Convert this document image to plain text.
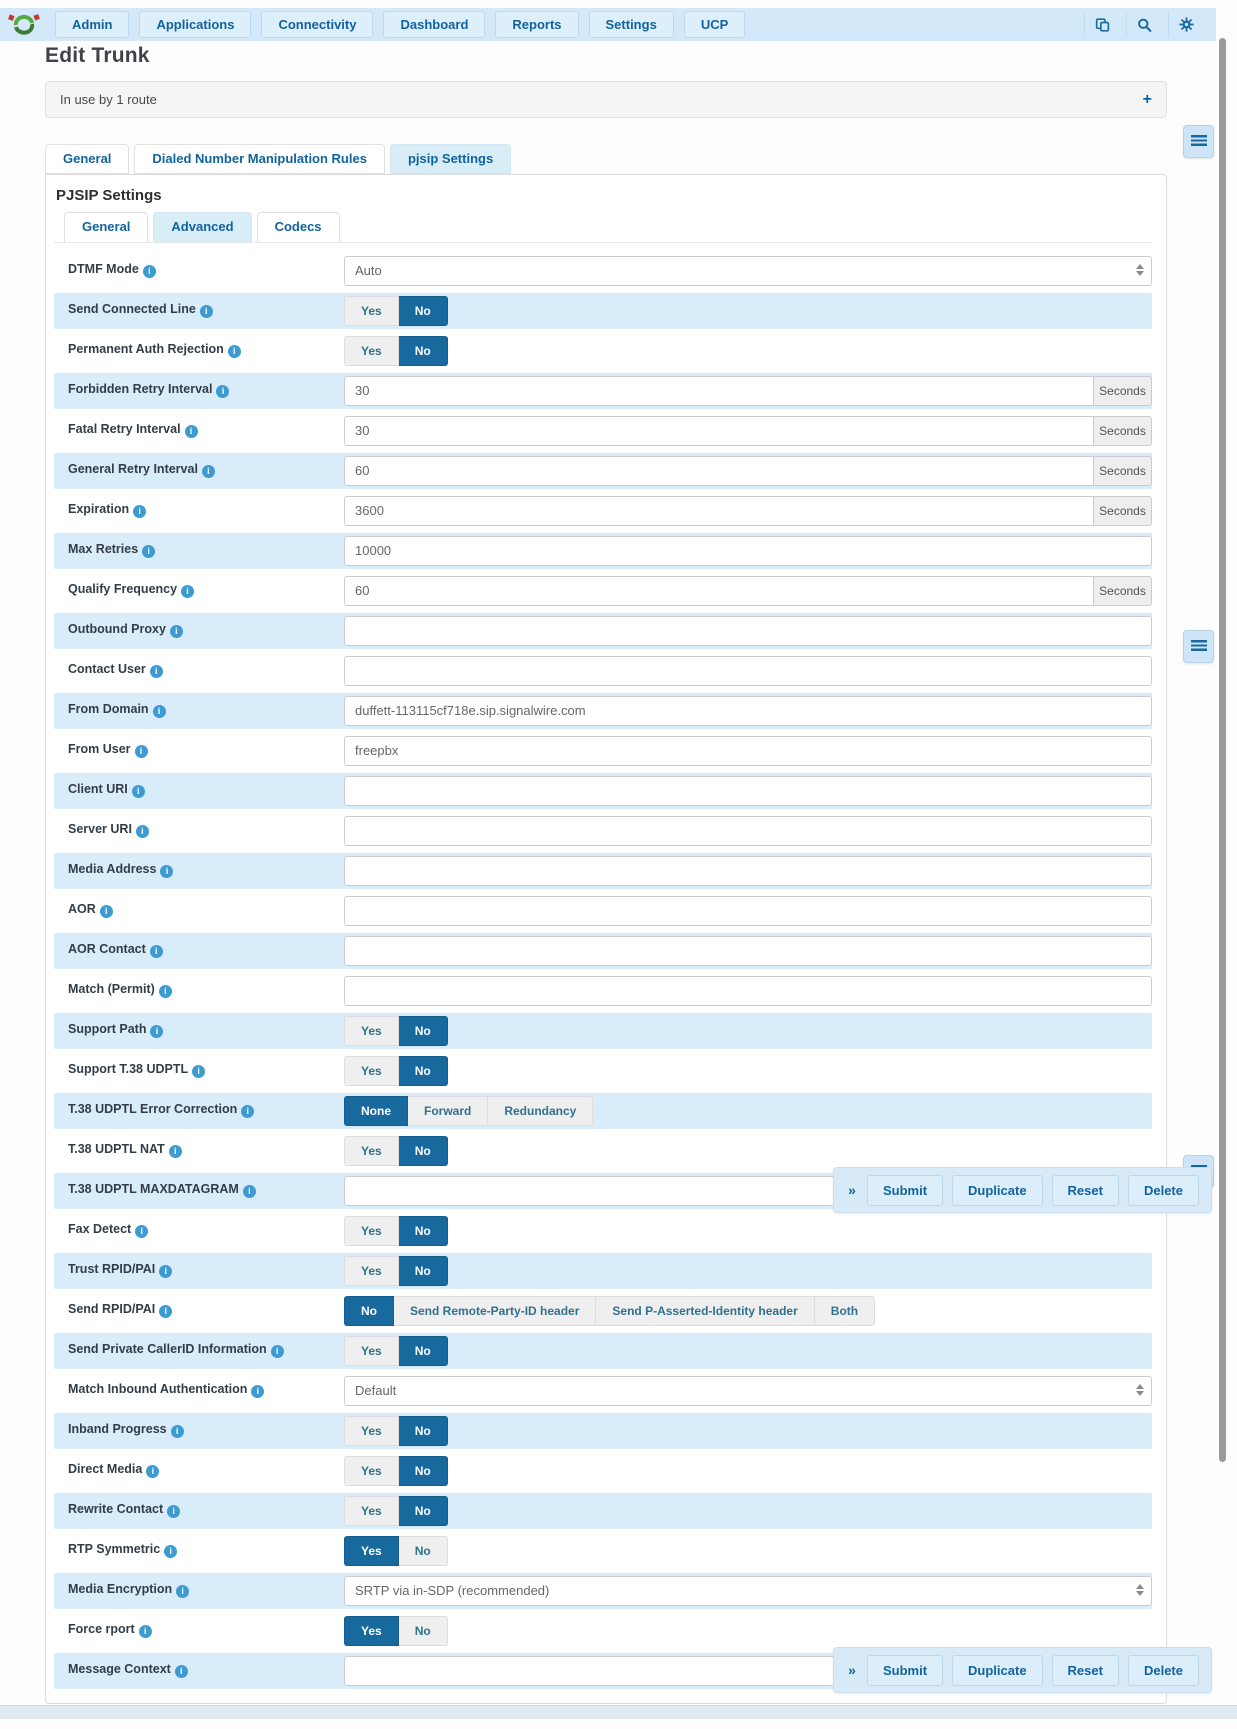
Admin	Applications	Connectivity	Dashboard	Reports	Settings	UCP
Edit Trunk
In use by 1 route	+
General	Dialed Number Manipulation Rules	pjsip Settings
PJSIP Settings
General	Advanced	Codecs
DTMF Mode i	Auto
Send Connected Line i	Yes	No
Permanent Auth Rejection i	Yes	No
Forbidden Retry Interval i	30	Seconds
Fatal Retry Interval i	30	Seconds
General Retry Interval i	60	Seconds
Expiration i	3600	Seconds
Max Retries i	10000
Qualify Frequency i	60	Seconds
Outbound Proxy i
Contact User i
From Domain i	duffett-113115cf718e.sip.signalwire.com
From User i	freepbx
Client URI i
Server URI i
Media Address i
AOR i
AOR Contact i
Match (Permit) i
Support Path i	Yes	No
Support T.38 UDPTL i	Yes	No
T.38 UDPTL Error Correction i	None	Forward	Redundancy
T.38 UDPTL NAT i	Yes	No
T.38 UDPTL MAXDATAGRAM i	»	Submit	Duplicate	Reset	Delete
Fax Detect i	Yes	No
Trust RPID/PAI i	Yes	No
Send RPID/PAI i	No	Send Remote-Party-ID header	Send P-Asserted-Identity header	Both
Send Private CallerID Information i	Yes	No
Match Inbound Authentication i	Default
Inband Progress i	Yes	No
Direct Media i	Yes	No
Rewrite Contact i	Yes	No
RTP Symmetric i	Yes	No
Media Encryption i	SRTP via in-SDP (recommended)
Force rport i	Yes	No
Message Context i	»	Submit	Duplicate	Reset	Delete
